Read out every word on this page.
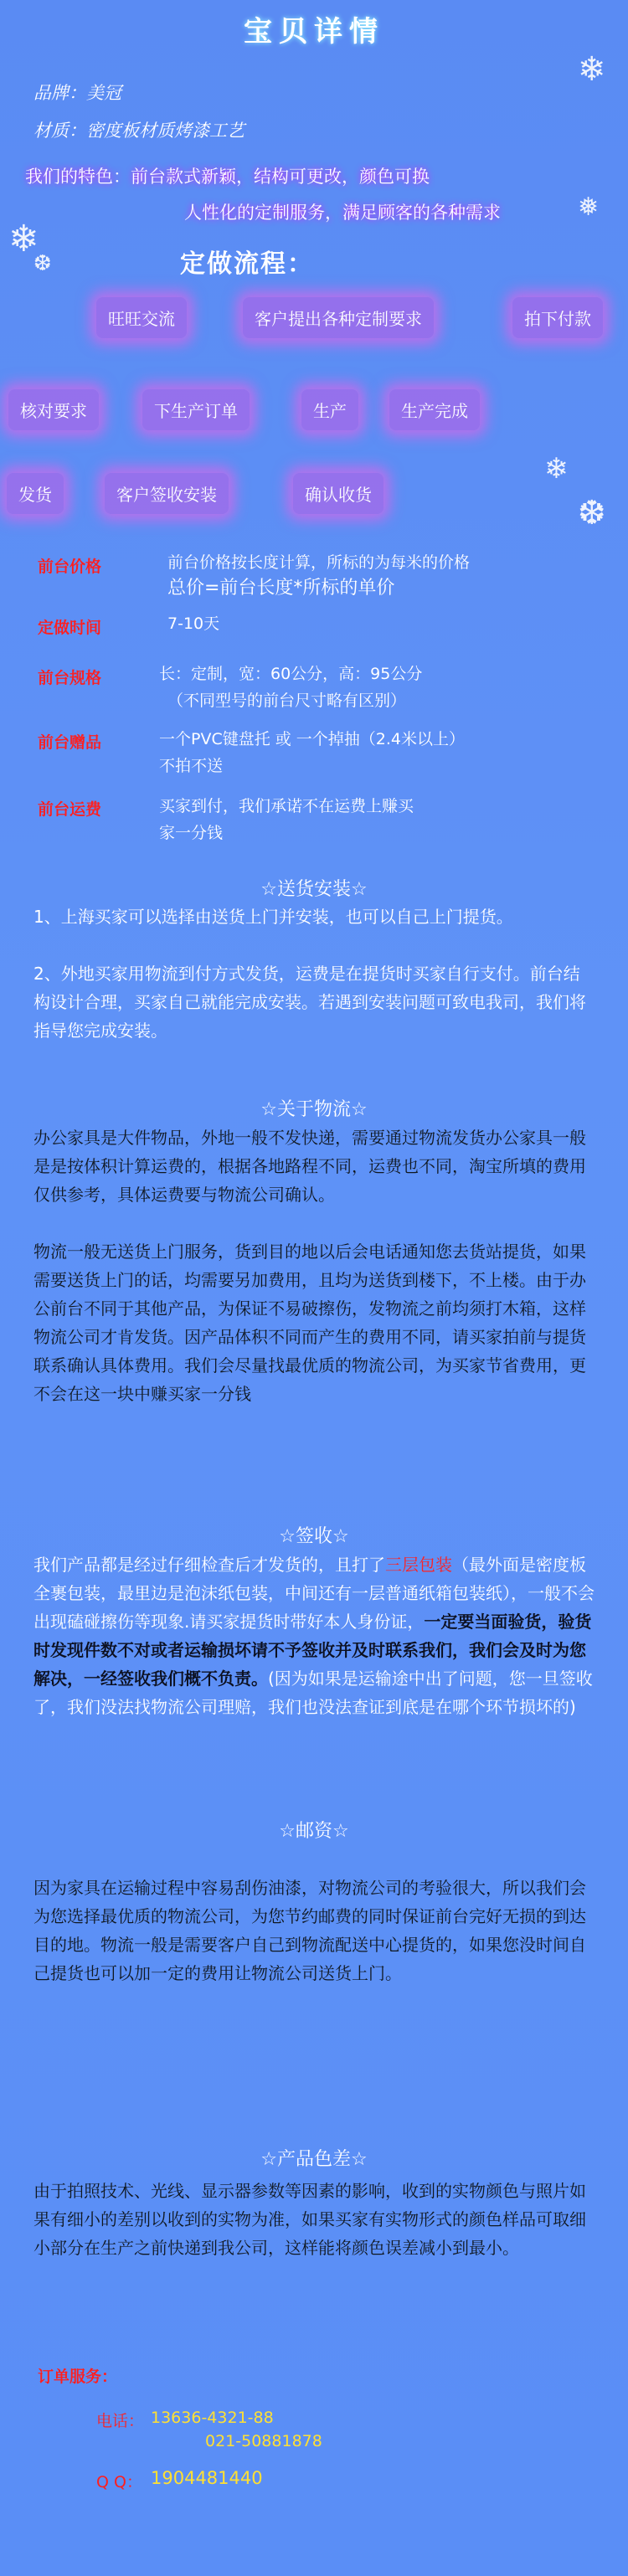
❄
❆
❄
❅
❄
❆
宝贝详情
品牌：美冠
材质：密度板材质烤漆工艺
我们的特色：前台款式新颖，结构可更改，颜色可换
人性化的定制服务，满足顾客的各种需求
定做流程：
旺旺交流	客户提出各种定制要求	拍下付款
核对要求	下生产订单	生产	生产完成
发货	客户签收安装	确认收货
前台价格	前台价格按长度计算，所标的为每米的价格
总价=前台长度*所标的单价
定做时间	7-10天
前台规格	长：定制，宽：60公分，高：95公分
（不同型号的前台尺寸略有区别）
前台赠品	一个PVC键盘托 或 一个掉抽（2.4米以上）
不拍不送
前台运费	买家到付，我们承诺不在运费上赚买
家一分钱
☆送货安装☆
1、上海买家可以选择由送货上门并安装，也可以自己上门提货。
2、外地买家用物流到付方式发货，运费是在提货时买家自行支付。前台结构设计合理，买家自己就能完成安装。若遇到安装问题可致电我司，我们将指导您完成安装。
☆关于物流☆
办公家具是大件物品，外地一般不发快递，需要通过物流发货办公家具一般是是按体积计算运费的，根据各地路程不同，运费也不同，淘宝所填的费用仅供参考，具体运费要与物流公司确认。
物流一般无送货上门服务，货到目的地以后会电话通知您去货站提货，如果需要送货上门的话，均需要另加费用，且均为送货到楼下，不上楼。由于办公前台不同于其他产品，为保证不易破擦伤，发物流之前均须打木箱，这样物流公司才肯发货。因产品体积不同而产生的费用不同，请买家拍前与提货联系确认具体费用。我们会尽量找最优质的物流公司，为买家节省费用，更不会在这一块中赚买家一分钱
☆签收☆
我们产品都是经过仔细检查后才发货的，且打了三层包装（最外面是密度板全裹包装，最里边是泡沫纸包装，中间还有一层普通纸箱包装纸），一般不会出现磕碰擦伤等现象.请买家提货时带好本人身份证，一定要当面验货，验货时发现件数不对或者运输损坏请不予签收并及时联系我们，我们会及时为您解决，一经签收我们概不负责。(因为如果是运输途中出了问题，您一旦签收了，我们没法找物流公司理赔，我们也没法查证到底是在哪个环节损坏的)
☆邮资☆
因为家具在运输过程中容易刮伤油漆，对物流公司的考验很大，所以我们会为您选择最优质的物流公司，为您节约邮费的同时保证前台完好无损的到达目的地。物流一般是需要客户自己到物流配送中心提货的，如果您没时间自己提货也可以加一定的费用让物流公司送货上门。
☆产品色差☆
由于拍照技术、光线、显示器参数等因素的影响，收到的实物颜色与照片如果有细小的差别以收到的实物为准，如果买家有实物形式的颜色样品可取细小部分在生产之前快递到我公司，这样能将颜色误差减小到最小。
订单服务：
电话： 13636-4321-88
021-50881878
Q Q： 1904481440
